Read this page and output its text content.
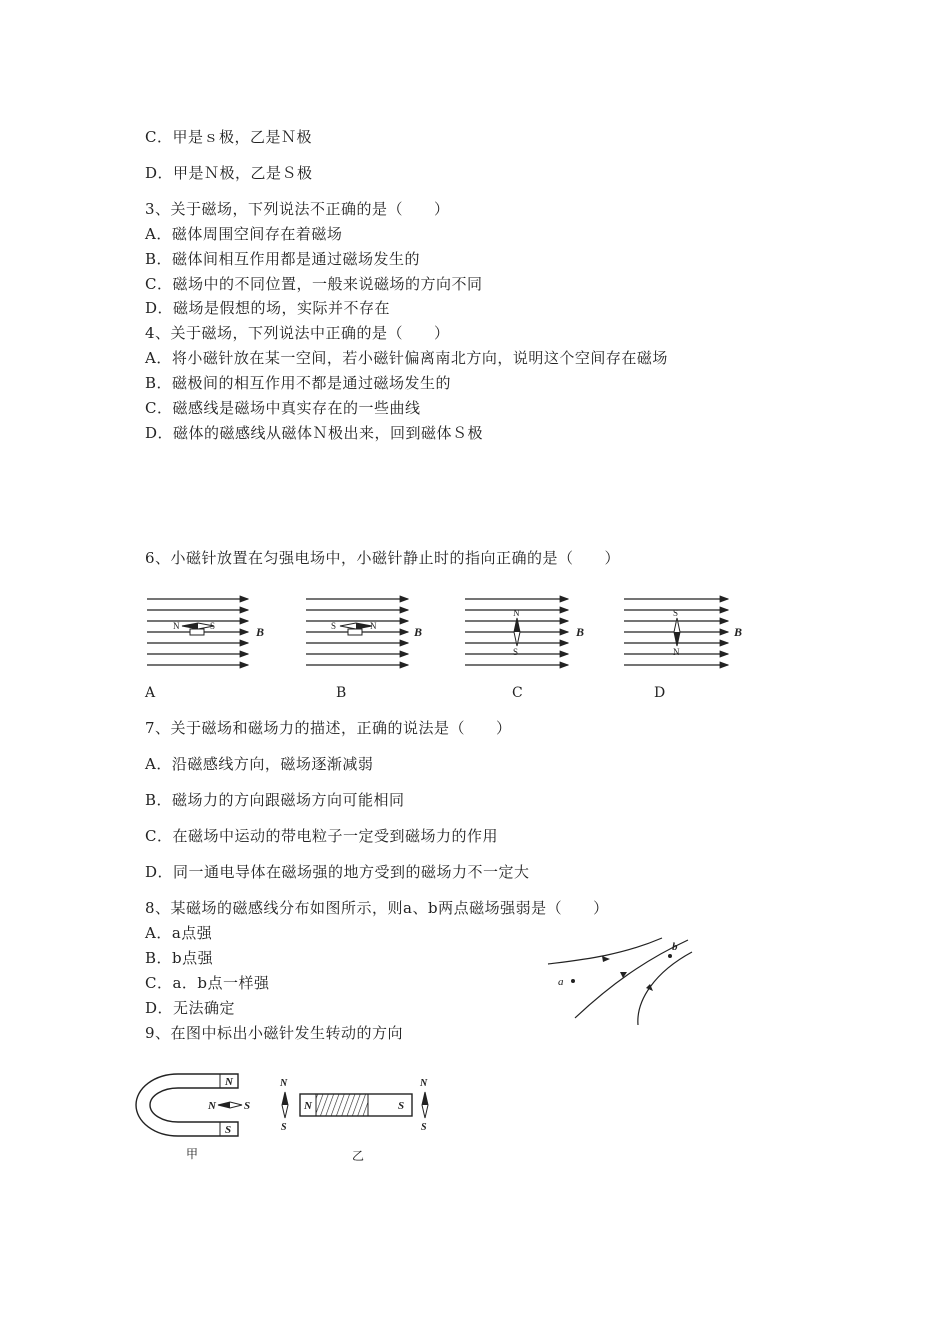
C．甲是ｓ极，乙是Ｎ极
D．甲是Ｎ极，乙是Ｓ极
3、关于磁场，下列说法不正确的是（　　）
A．磁体周围空间存在着磁场
B．磁体间相互作用都是通过磁场发生的
C．磁场中的不同位置，一般来说磁场的方向不同
D．磁场是假想的场，实际并不存在
4、关于磁场，下列说法中正确的是（　　）
A．将小磁针放在某一空间，若小磁针偏离南北方向，说明这个空间存在磁场
B．磁极间的相互作用不都是通过磁场发生的
C．磁感线是磁场中真实存在的一些曲线
D．磁体的磁感线从磁体Ｎ极出来，回到磁体Ｓ极
6、小磁针放置在匀强电场中，小磁针静止时的指向正确的是（　　）
N	S	B	S	N	B
N
S
B
S
N
B
A	B	C	D
7、关于磁场和磁场力的描述，正确的说法是（　　）
A．沿磁感线方向，磁场逐渐减弱
B．磁场力的方向跟磁场方向可能相同
C．在磁场中运动的带电粒子一定受到磁场力的作用
D．同一通电导体在磁场强的地方受到的磁场力不一定大
8、某磁场的磁感线分布如图所示，则a、b两点磁场强弱是（　　）
A．a点强
B．b点强
C．a．b点一样强
D．无法确定
a
b
9、在图中标出小磁针发生转动的方向
N
S
N	S
甲
N
S
N	S
N
S
乙
